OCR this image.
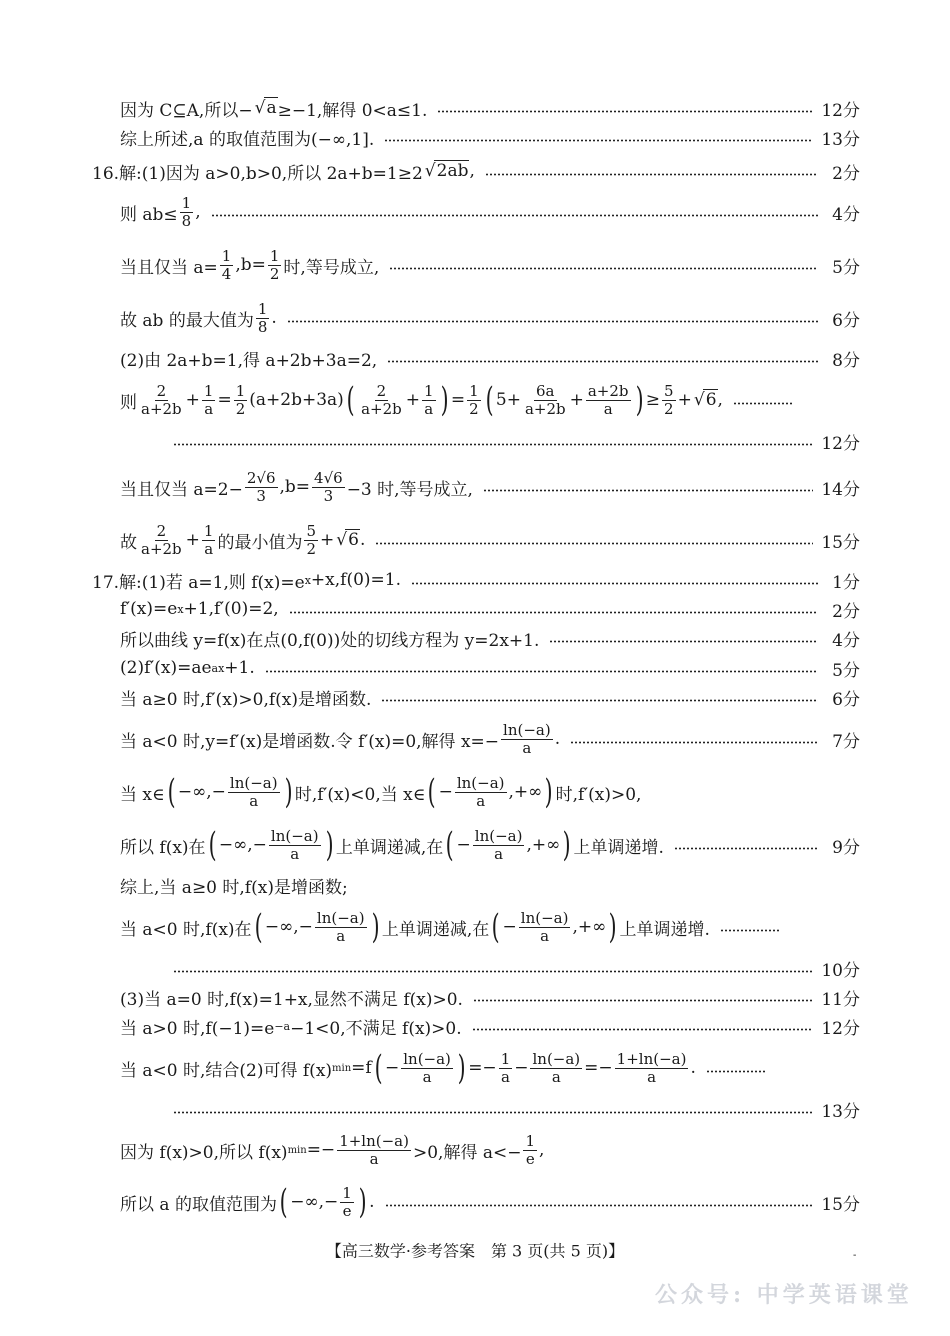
因为 C⊆A,所以− √ a ≥−1,解得 0<a≤1.	12分
综上所述,a 的取值范围为(−∞,1].	13分
16.解:(1)因为 a>0,b>0,所以 2a+b=1≥2 √ 2ab ,	2分
则 $ab\le \frac{1}{8}$ ,	4分
当且仅当 $a= \frac{1}{4} ,b= \frac{1}{2}$ 时,等号成立,	5分
故 ab 的最大值为 $\frac{1}{8}$ .	6分
(2)由 2a+b=1,得 a+2b+3a=2,	8分
则 $\frac{2}{a+2b} + \frac{1}{a} = \frac{1}{2} (a+2b+3a)$ ( $\frac{2}{a+2b} + \frac{1}{a}$ ) = $\frac{1}{2}$ ( $5+ \frac{6a}{a+2b} + \frac{a+2b}{a}$ ) ≥ $\frac{5}{2}$ + √ 6 ,
12分
当且仅当 $a=2- \frac{2√6}{3} ,b= \frac{4√6}{3} -3$ 时,等号成立,	14分
故 $\frac{2}{a+2b} + \frac{1}{a}$ 的最小值为 $\frac{5}{2}$ + √ 6 .	15分
17.解:(1)若 a=1,则 f(x)=e x +x,f(0)=1.	1分
f′(x)=e x +1,f′(0)=2,	2分
所以曲线 y=f(x)在点(0,f(0))处的切线方程为 y=2x+1.	4分
(2)f′(x)=ae ax +1.	5分
当 a≥0 时,f′(x)>0,f(x)是增函数.	6分
当 a<0 时,y=f′(x)是增函数.令 f′(x)=0,解得 $x=- \frac{\ln(-a)}{a}$ .	7分
当 x∈ ( −∞,− $\frac{\ln(-a)}{a}$ ) 时,f′(x)<0,当 x∈ ( − $\frac{\ln(-a)}{a}$ ,+∞ ) 时,f′(x)>0,
所以 f(x)在 ( −∞,− $\frac{\ln(-a)}{a}$ ) 上单调递减,在 ( − $\frac{\ln(-a)}{a}$ ,+∞ ) 上单调递增.	9分
综上,当 a≥0 时,f(x)是增函数;
当 a<0 时,f(x)在 ( −∞,− $\frac{\ln(-a)}{a}$ ) 上单调递减,在 ( − $\frac{\ln(-a)}{a}$ ,+∞ ) 上单调递增.
10分
(3)当 a=0 时,f(x)=1+x,显然不满足 f(x)>0.	11分
当 a>0 时,f(−1)=e −a −1<0,不满足 f(x)>0.	12分
当 a<0 时,结合(2)可得 f(x) min =f ( − $\frac{\ln(-a)}{a}$ ) =− $\frac{1}{a} - \frac{\ln(-a)}{a} =- \frac{1+\ln(-a)}{a}$ .
13分
因为 f(x)>0,所以 f(x) $\min =- \frac{1+\ln(-a)}{a} >0$,解得 $a<- \frac{1}{e}$ ,
所以 a 的取值范围为 ( −∞,− $\frac{1}{e}$ ) .	15分
【高三数学·参考答案　第 3 页(共 5 页)】	-
公众号: 中学英语课堂
